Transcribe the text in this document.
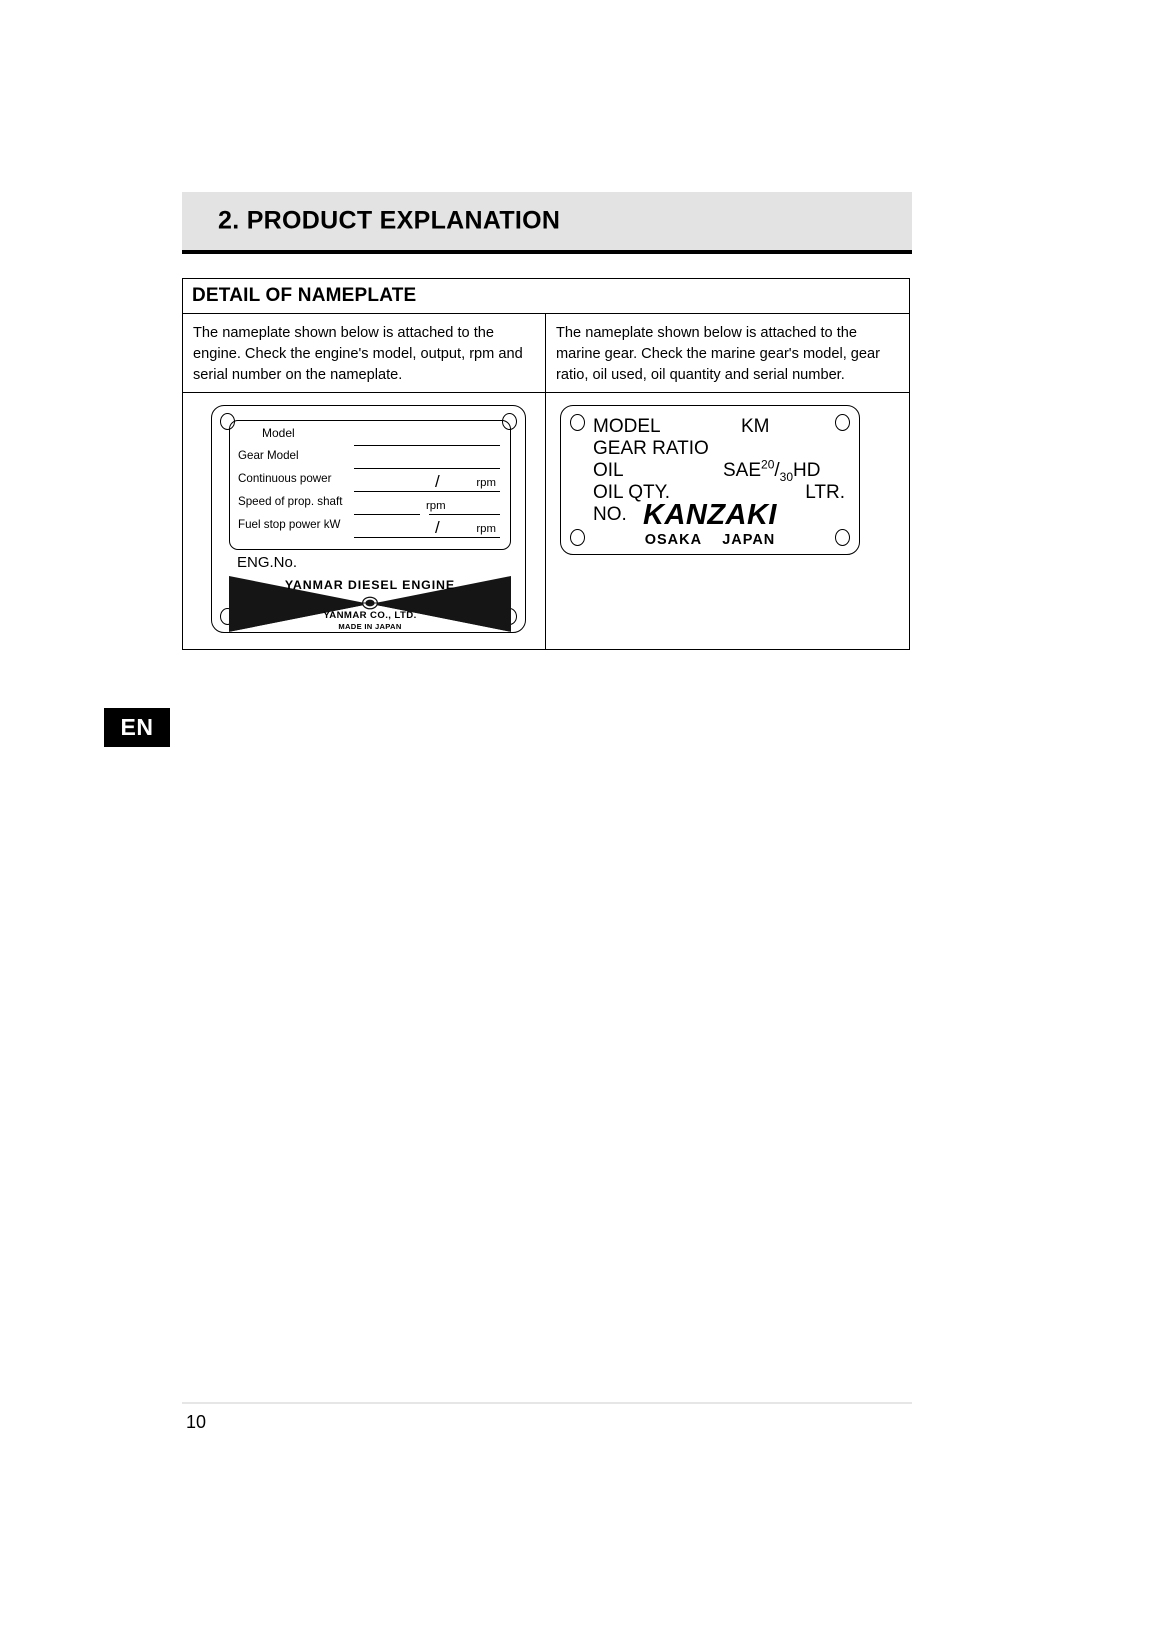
2. PRODUCT EXPLANATION
DETAIL OF NAMEPLATE
The nameplate shown below is attached to the engine. Check the engine's model, output, rpm and serial number on the nameplate.
Model
Gear Model
Continuous power	/	rpm
Speed of prop. shaft	rpm
Fuel stop power kW	/	rpm
ENG.No.
YANMAR DIESEL ENGINE
YANMAR CO., LTD.
MADE IN JAPAN
The nameplate shown below is attached to the marine gear. Check the marine gear's model, gear ratio, oil used, oil quantity and serial number.
MODEL	KM
GEAR RATIO
OIL	$SAE^{20}/_{30}HD$
OIL QTY.	LTR.
NO. KANZAKI
OSAKA JAPAN
EN
10
